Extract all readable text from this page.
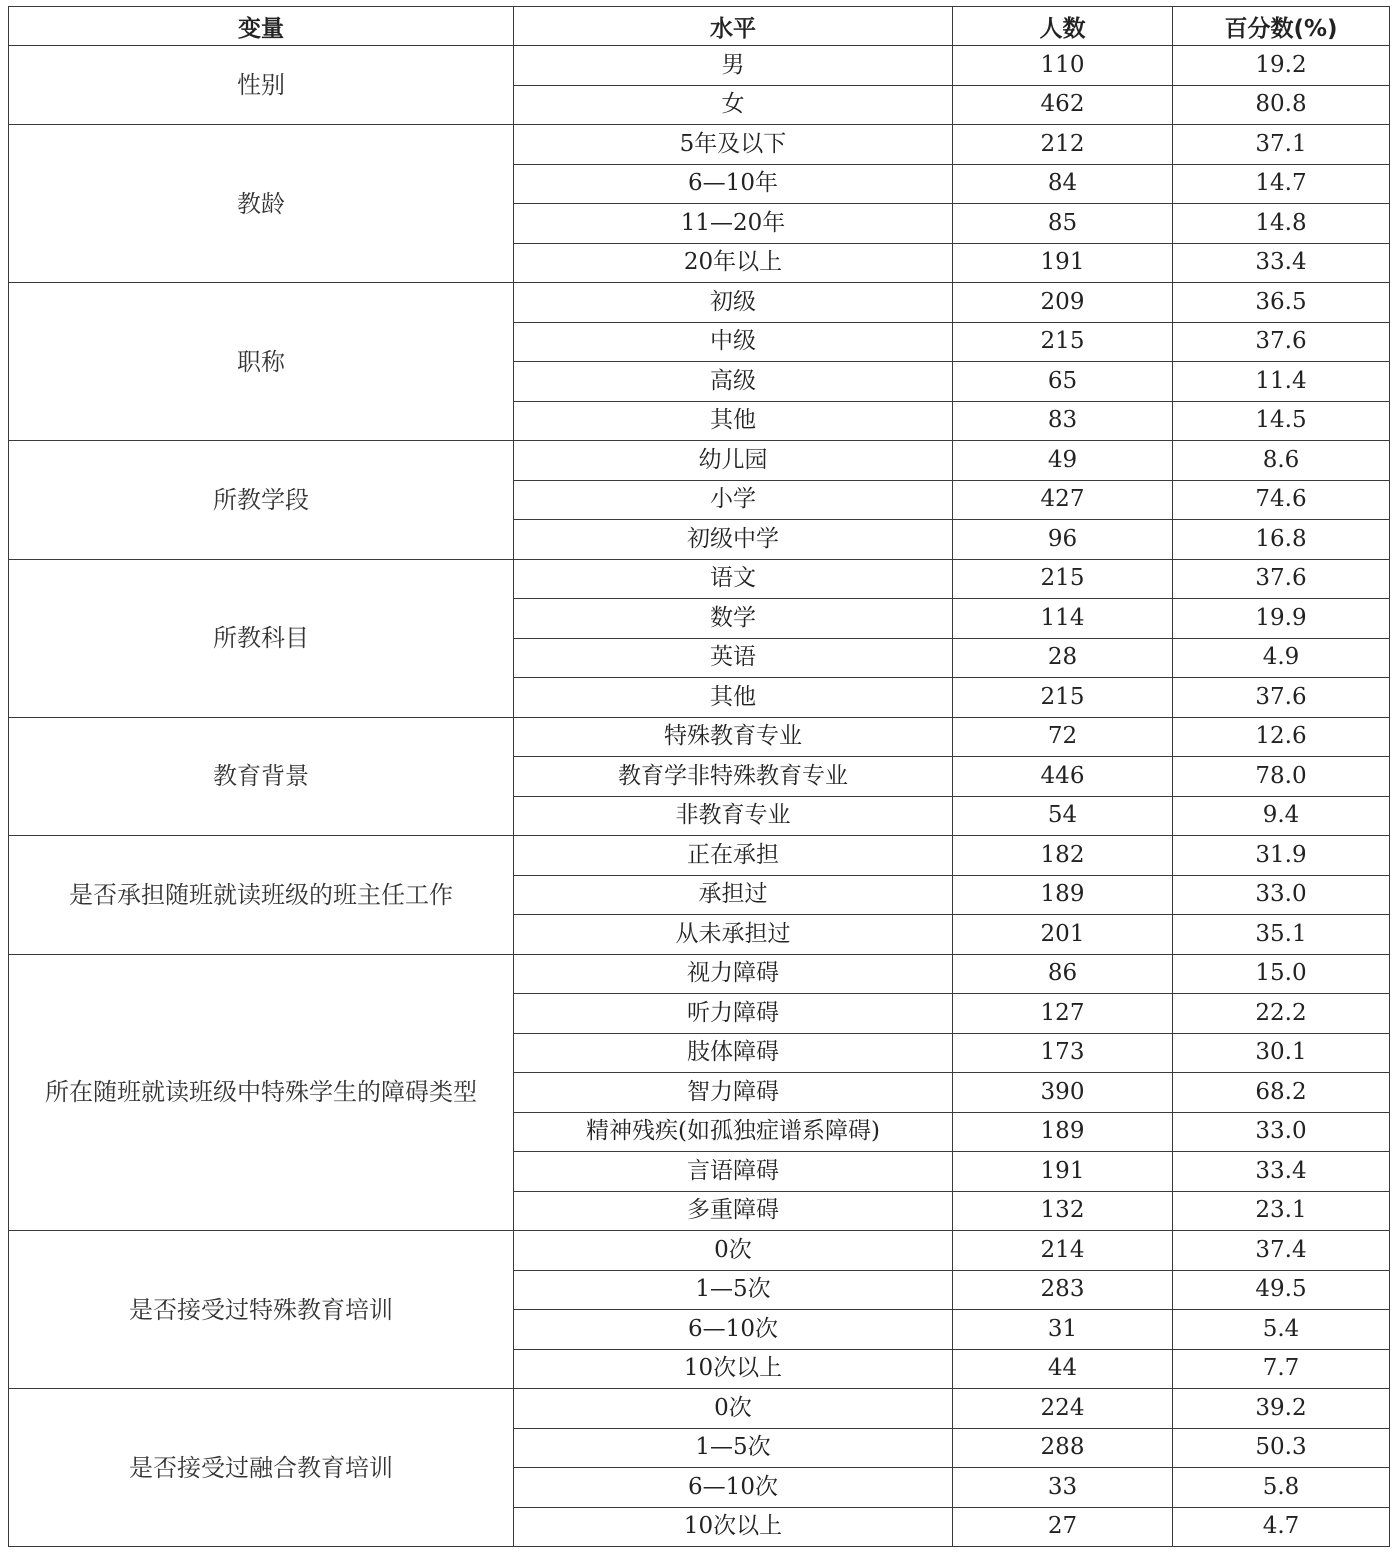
变量	水平	人数	百分数(%)
性别	男	110	19.2
	女	462	80.8
教龄	5年及以下	212	37.1
	6—10年	84	14.7
	11—20年	85	14.8
	20年以上	191	33.4
职称	初级	209	36.5
	中级	215	37.6
	高级	65	11.4
	其他	83	14.5
所教学段	幼儿园	49	8.6
	小学	427	74.6
	初级中学	96	16.8
所教科目	语文	215	37.6
	数学	114	19.9
	英语	28	4.9
	其他	215	37.6
教育背景	特殊教育专业	72	12.6
	教育学非特殊教育专业	446	78.0
	非教育专业	54	9.4
是否承担随班就读班级的班主任工作	正在承担	182	31.9
	承担过	189	33.0
	从未承担过	201	35.1
所在随班就读班级中特殊学生的障碍类型	视力障碍	86	15.0
	听力障碍	127	22.2
	肢体障碍	173	30.1
	智力障碍	390	68.2
	精神残疾(如孤独症谱系障碍)	189	33.0
	言语障碍	191	33.4
	多重障碍	132	23.1
是否接受过特殊教育培训	0次	214	37.4
	1—5次	283	49.5
	6—10次	31	5.4
	10次以上	44	7.7
是否接受过融合教育培训	0次	224	39.2
	1—5次	288	50.3
	6—10次	33	5.8
	10次以上	27	4.7
